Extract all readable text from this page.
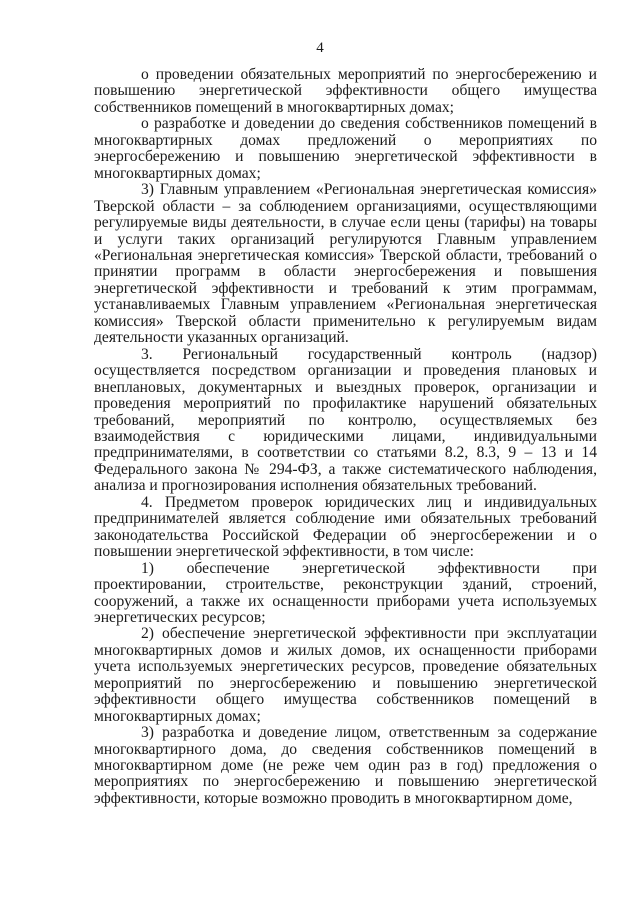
4

о проведении обязательных мероприятий по энергосбережению и повышению энергетической эффективности общего имущества собственников помещений в многоквартирных домах;

о разработке и доведении до сведения собственников помещений в многоквартирных домах предложений о мероприятиях по энергосбережению и повышению энергетической эффективности в многоквартирных домах;

3) Главным управлением «Региональная энергетическая комиссия» Тверской области – за соблюдением организациями, осуществляющими регулируемые виды деятельности, в случае если цены (тарифы) на товары и услуги таких организаций регулируются Главным управлением «Региональная энергетическая комиссия» Тверской области, требований о принятии программ в области энергосбережения и повышения энергетической эффективности и требований к этим программам, устанавливаемых Главным управлением «Региональная энергетическая комиссия» Тверской области применительно к регулируемым видам деятельности указанных организаций.

3. Региональный государственный контроль (надзор) осуществляется посредством организации и проведения плановых и внеплановых, документарных и выездных проверок, организации и проведения мероприятий по профилактике нарушений обязательных требований, мероприятий по контролю, осуществляемых без взаимодействия с юридическими лицами, индивидуальными предпринимателями, в соответствии со статьями 8.2, 8.3, 9 – 13 и 14 Федерального закона № 294-ФЗ, а также систематического наблюдения, анализа и прогнозирования исполнения обязательных требований.

4. Предметом проверок юридических лиц и индивидуальных предпринимателей является соблюдение ими обязательных требований законодательства Российской Федерации об энергосбережении и о повышении энергетической эффективности, в том числе:

1) обеспечение энергетической эффективности при проектировании, строительстве, реконструкции зданий, строений, сооружений, а также их оснащенности приборами учета используемых энергетических ресурсов;

2) обеспечение энергетической эффективности при эксплуатации многоквартирных домов и жилых домов, их оснащенности приборами учета используемых энергетических ресурсов, проведение обязательных мероприятий по энергосбережению и повышению энергетической эффективности общего имущества собственников помещений в многоквартирных домах;

3) разработка и доведение лицом, ответственным за содержание многоквартирного дома, до сведения собственников помещений в многоквартирном доме (не реже чем один раз в год) предложения о мероприятиях по энергосбережению и повышению энергетической эффективности, которые возможно проводить в многоквартирном доме,
